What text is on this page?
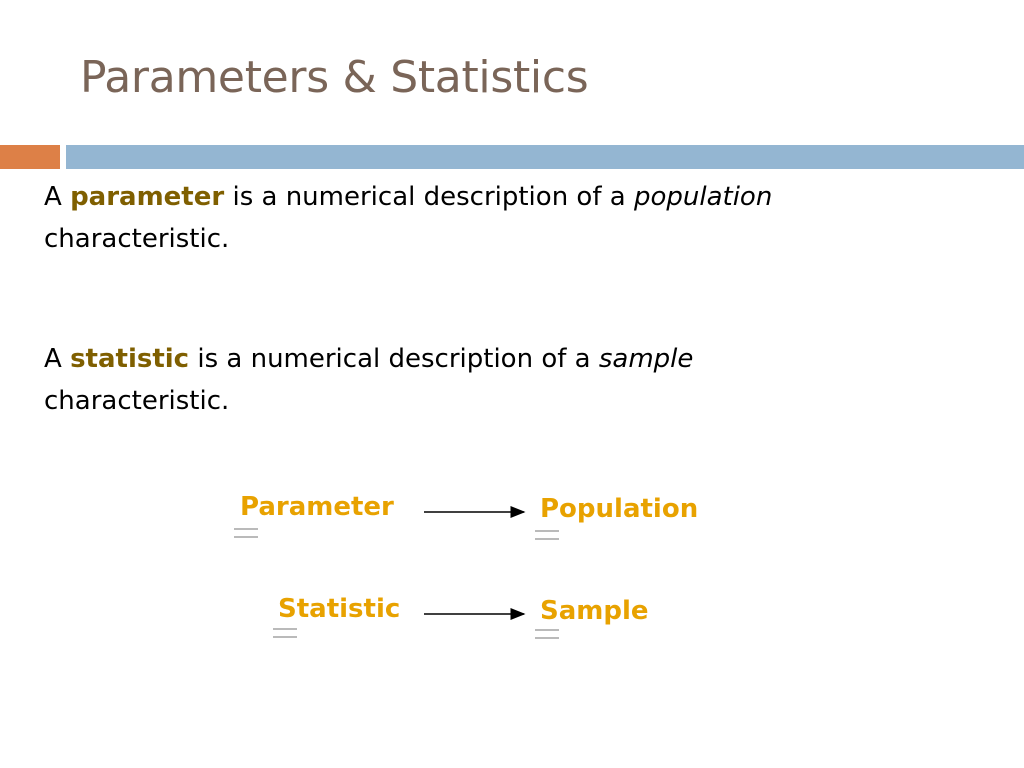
Parameters & Statistics
A parameter is a numerical description of a population
characteristic.
A statistic is a numerical description of a sample
characteristic.
Parameter	Population
Statistic	Sample
